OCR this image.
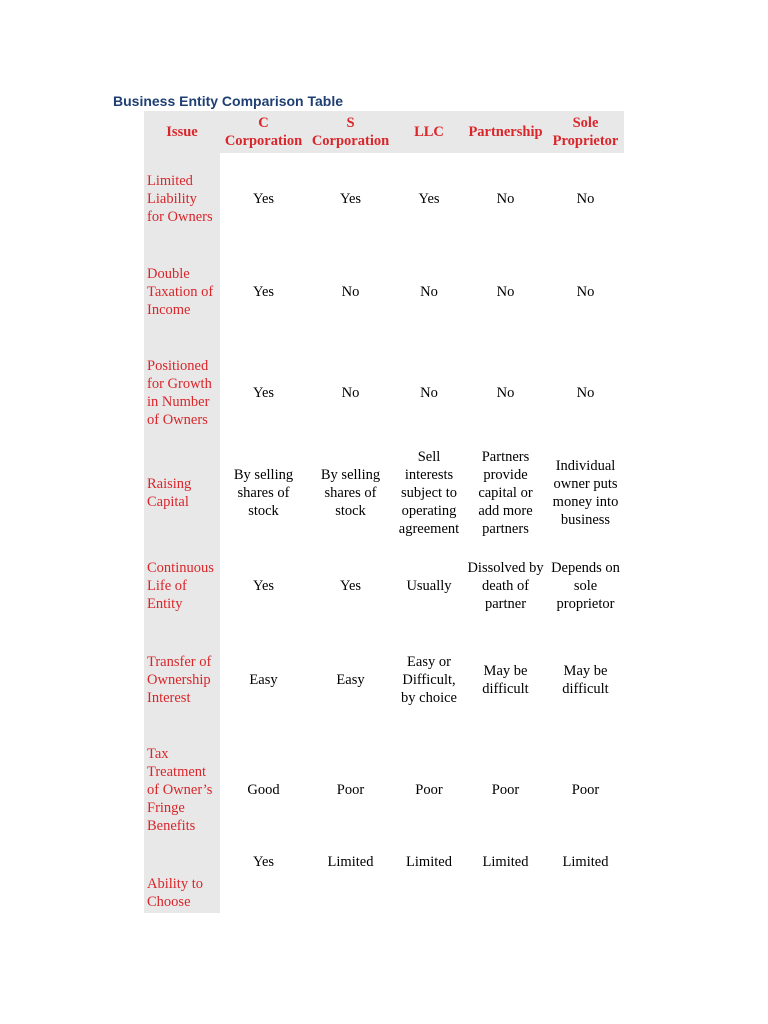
Business Entity Comparison Table
Issue	C Corporation	S Corporation	LLC	Partnership	Sole Proprietor

Limited Liability for Owners	Yes	Yes	Yes	No	No
Double Taxation of Income	Yes	No	No	No	No
Positioned for Growth in Number of Owners	Yes	No	No	No	No
Raising Capital	By selling shares of stock	By selling shares of stock	Sell interests subject to operating agreement	Partners provide capital or add more partners	Individual owner puts money into business
Continuous Life of Entity	Yes	Yes	Usually	Dissolved by death of partner	Depends on sole proprietor
Transfer of Ownership Interest	Easy	Easy	Easy or Difficult, by choice	May be difficult	May be difficult
Tax Treatment of Owner’s Fringe Benefits	Good	Poor	Poor	Poor	Poor
Ability to Choose	Yes	Limited	Limited	Limited	Limited
